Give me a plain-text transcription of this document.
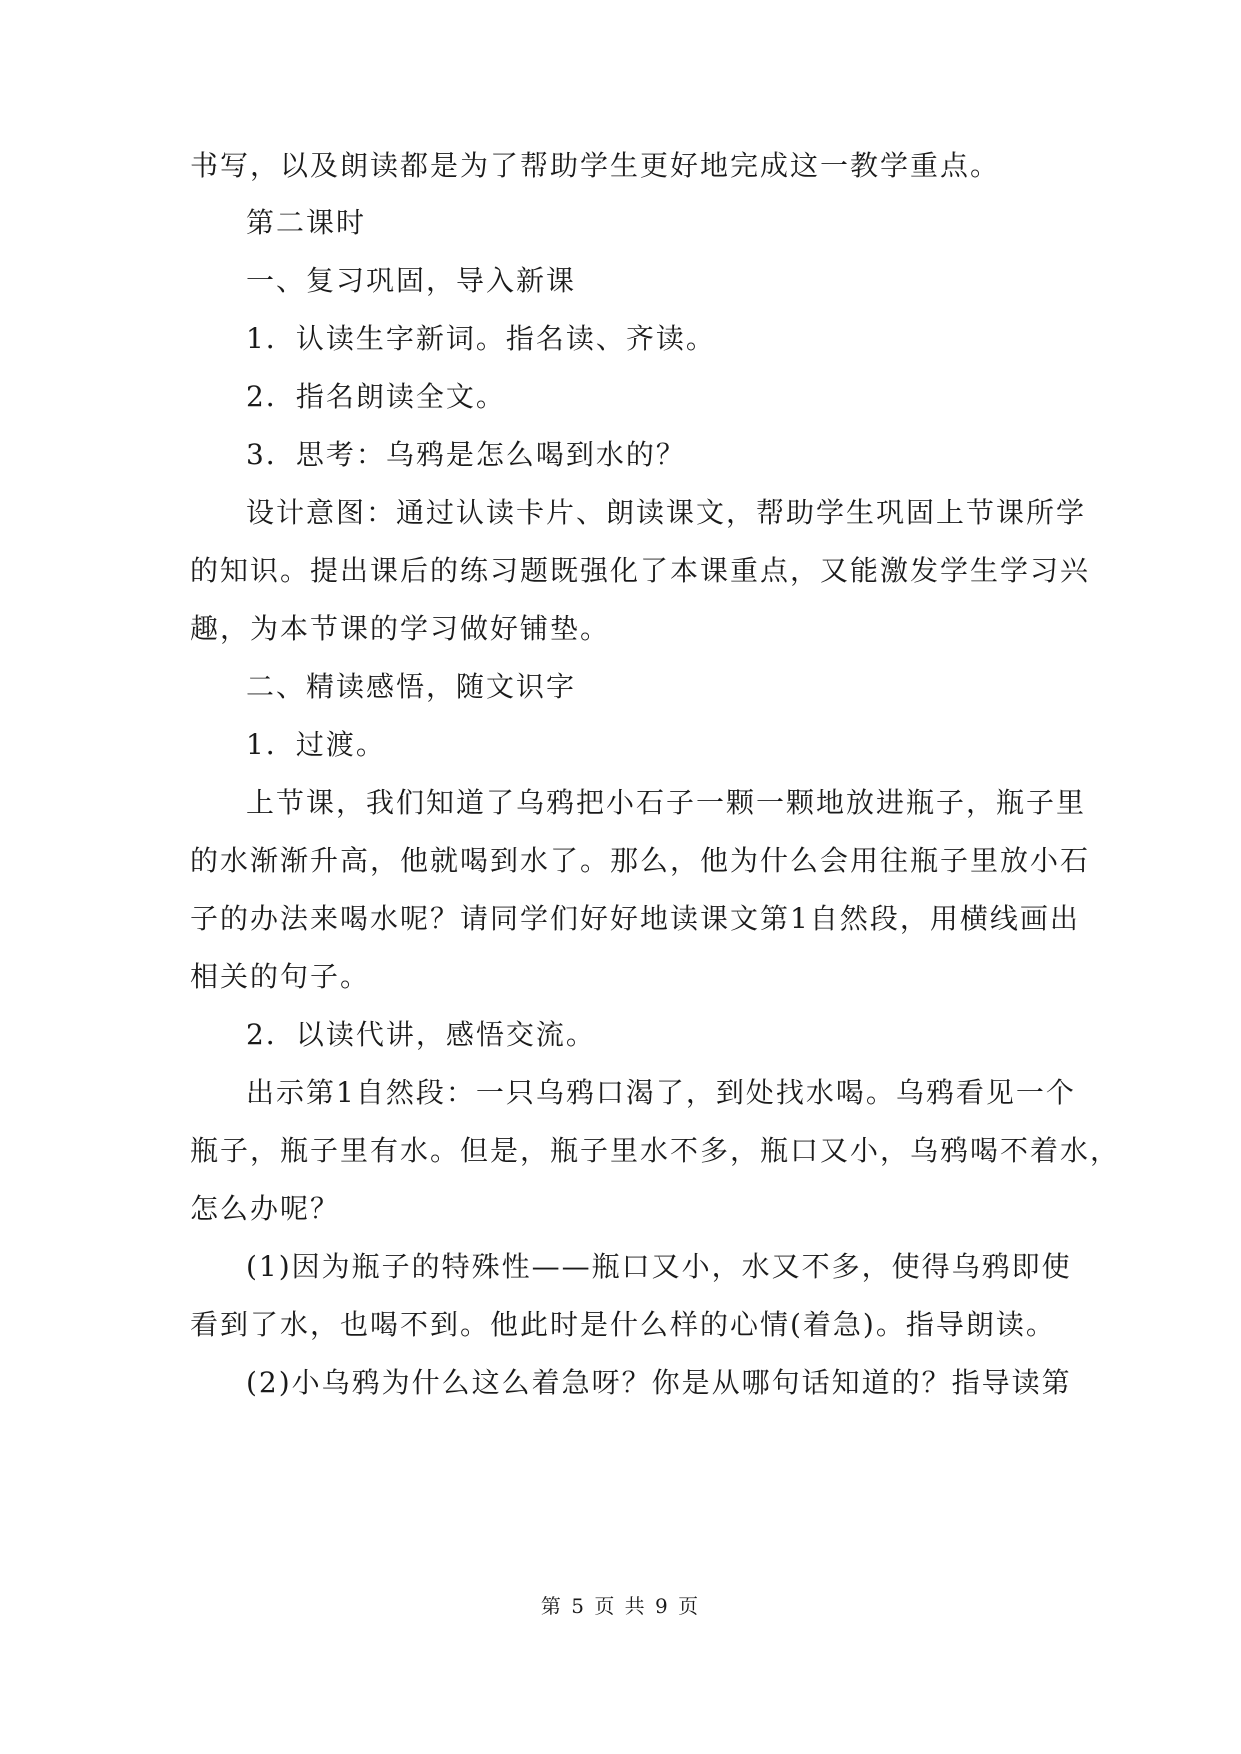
书写，以及朗读都是为了帮助学生更好地完成这一教学重点。
第二课时
一、复习巩固，导入新课
1．认读生字新词。指名读、齐读。
2．指名朗读全文。
3．思考：乌鸦是怎么喝到水的？
设计意图：通过认读卡片、朗读课文，帮助学生巩固上节课所学
的知识。提出课后的练习题既强化了本课重点，又能激发学生学习兴
趣，为本节课的学习做好铺垫。
二、精读感悟，随文识字
1．过渡。
上节课，我们知道了乌鸦把小石子一颗一颗地放进瓶子，瓶子里
的水渐渐升高，他就喝到水了。那么，他为什么会用往瓶子里放小石
子的办法来喝水呢？请同学们好好地读课文第1自然段，用横线画出
相关的句子。
2．以读代讲，感悟交流。
出示第1自然段：一只乌鸦口渴了，到处找水喝。乌鸦看见一个
瓶子，瓶子里有水。但是，瓶子里水不多，瓶口又小，乌鸦喝不着水，
怎么办呢？
(1)因为瓶子的特殊性——瓶口又小，水又不多，使得乌鸦即使
看到了水，也喝不到。他此时是什么样的心情(着急)。指导朗读。
(2)小乌鸦为什么这么着急呀？你是从哪句话知道的？指导读第
第 5 页 共 9 页
